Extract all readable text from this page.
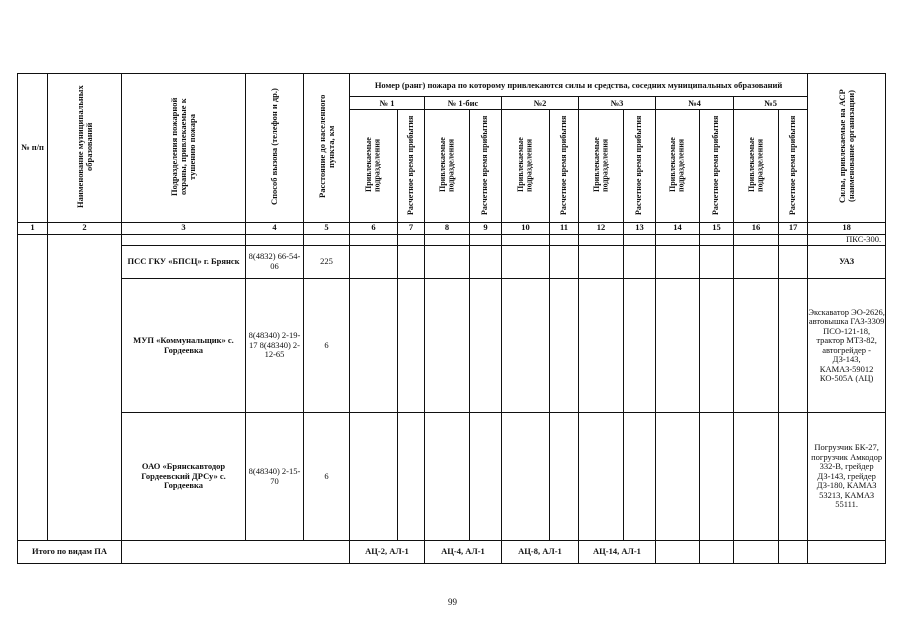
№ п/п	Наименование муниципальных образований	Подразделения пожарной охраны, привлекаемые к тушению пожара	Способ вызова (телефон и др.)	Расстояние до населенного пункта, км	Номер (ранг) пожара по которому привлекаются силы и средства, соседних муниципальных образований												Силы, привлекаемые на АСР (наименование организации)
					№ 1		№ 1-бис		№2		№3		№4		№5		
					Привлекаемые подразделения	Расчетное время прибытия	Привлекаемые подразделения	Расчетное время прибытия	Привлекаемые подразделения	Расчетное время прибытия	Привлекаемые подразделения	Расчетное время прибытия	Привлекаемые подразделения	Расчетное время прибытия	Привлекаемые подразделения	Расчетное время прибытия	
1	2	3	4	5	6	7	8	9	10	11	12	13	14	15	16	17	18
																	ПКС-300.
		ПСС ГКУ «БПСЦ» г. Брянск	8(4832) 66-54-06	225													УАЗ
		МУП «Коммунальщик» с. Гордеевка	8(48340) 2-19-17 8(48340) 2-12-65	6													Экскаватор ЭО-2626, автовышка ГАЗ-3309 ПСО-121-18, трактор МТЗ-82, автогрейдер - ДЗ-143, КАМАЗ-59012 КО-505А (АЦ)
		ОАО «Брянскавтодор Гордеевский ДРСу» с. Гордеевка	8(48340) 2-15-70	6													Погрузчик БК-27, погрузчик Амкодор 332-В, грейдер ДЗ-143, грейдер ДЗ-180, КАМАЗ 53213, КАМАЗ 55111.
Итого по видам ПА					АЦ-2, АЛ-1		АЦ-4, АЛ-1		АЦ-8, АЛ-1		АЦ-14, АЛ-1						
99
